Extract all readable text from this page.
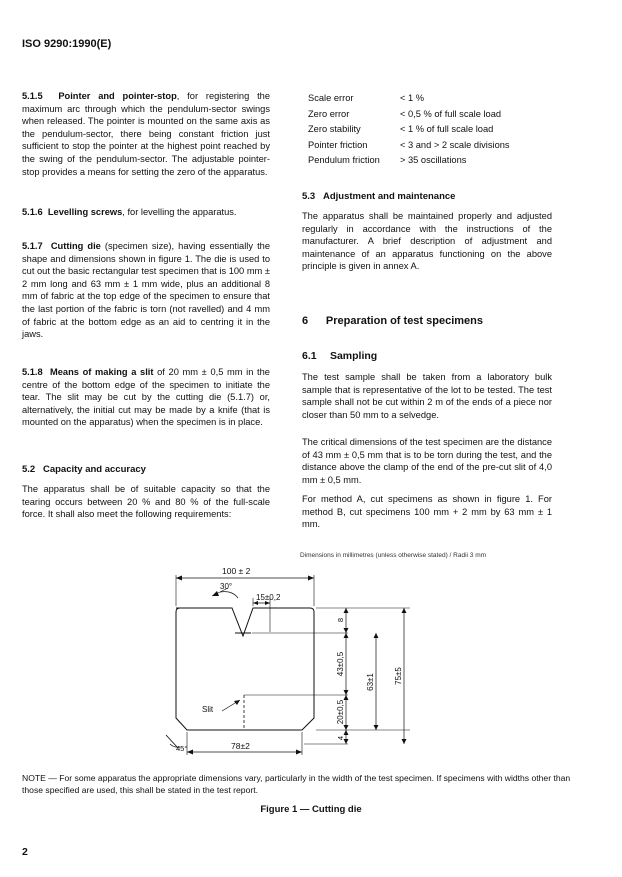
ISO 9290:1990(E)

5.1.5 Pointer and pointer-stop, for registering the maximum arc through which the pendulum-sector swings when released. The pointer is mounted on the same axis as the pendulum-sector, there being constant friction just sufficient to stop the pointer at the highest point reached by the swing of the pendulum-sector. The adjustable pointer-stop provides a means for setting the zero of the apparatus.

5.1.6 Levelling screws, for levelling the apparatus.

5.1.7 Cutting die (specimen size), having essentially the shape and dimensions shown in figure 1. The die is used to cut out the basic rectangular test specimen that is 100 mm ± 2 mm long and 63 mm ± 1 mm wide, plus an additional 8 mm of fabric at the top edge of the specimen to ensure that the last portion of the fabric is torn (not ravelled) and 4 mm of fabric at the bottom edge as an aid to centring it in the jaws.

5.1.8 Means of making a slit of 20 mm ± 0,5 mm in the centre of the bottom edge of the specimen to initiate the tear. The slit may be cut by the cutting die (5.1.7) or, alternatively, the initial cut may be made by a knife (that is mounted on the apparatus) when the specimen is in place.

5.2 Capacity and accuracy
The apparatus shall be of suitable capacity so that the tearing occurs between 20 % and 80 % of the full-scale force. It shall also meet the following requirements:
Scale error	< 1 %
Zero error	< 0,5 % of full scale load
Zero stability	< 1 % of full scale load
Pointer friction	< 3 and > 2 scale divisions
Pendulum friction	> 35 oscillations
5.3 Adjustment and maintenance
The apparatus shall be maintained properly and adjusted regularly in accordance with the instructions of the manufacturer. A brief description of adjustment and maintenance of an apparatus functioning on the above principle is given in annex A.
6 Preparation of test specimens
6.1 Sampling
The test sample shall be taken from a laboratory bulk sample that is representative of the lot to be tested. The test sample shall not be cut within 2 m of the ends of a piece nor closer than 50 mm to a selvedge.
The critical dimensions of the test specimen are the distance of 43 mm ± 0,5 mm that is to be torn during the test, and the distance above the clamp of the end of the pre-cut slit of 4,0 mm ± 0,5 mm.
For method A, cut specimens as shown in figure 1. For method B, cut specimens 100 mm + 2 mm by 63 mm ± 1 mm.
Dimensions in millimetres (unless otherwise stated) / Radii 3 mm
100 ± 2
30°
15±0,2
Slit
45°	78±2
8
43±0,5
20±0,5
4
63±1 75±5
NOTE — For some apparatus the appropriate dimensions vary, particularly in the width of the test specimen. If specimens with widths other than those specified are used, this shall be stated in the test report.
Figure 1 — Cutting die
2
